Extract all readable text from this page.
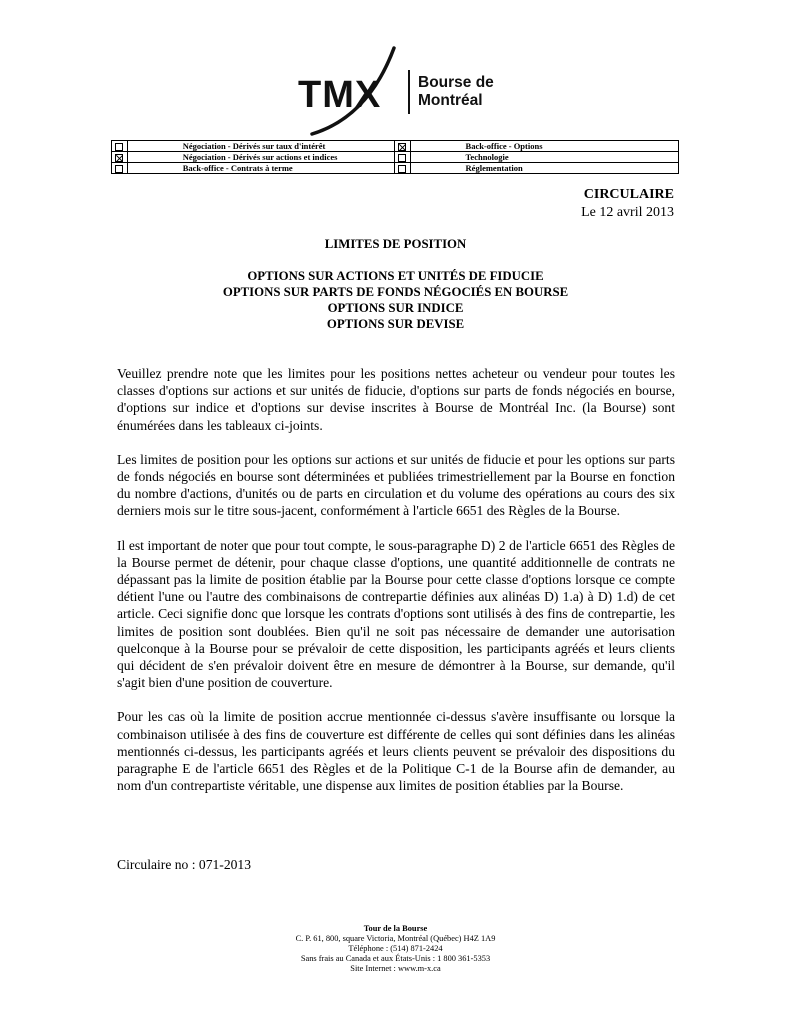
TMX Bourse de
Montréal
	Négociation - Dérivés sur taux d'intérêt		Back-office - Options
	Négociation - Dérivés sur actions et indices		Technologie
	Back-office - Contrats à terme		Réglementation
CIRCULAIRE
Le 12 avril 2013
LIMITES DE POSITION
OPTIONS SUR ACTIONS ET UNITÉS DE FIDUCIE
OPTIONS SUR PARTS DE FONDS NÉGOCIÉS EN BOURSE
OPTIONS SUR INDICE
OPTIONS SUR DEVISE

Veuillez prendre note que les limites pour les positions nettes acheteur ou vendeur pour toutes les classes d'options sur actions et sur unités de fiducie, d'options sur parts de fonds négociés en bourse, d'options sur indice et d'options sur devise inscrites à Bourse de Montréal Inc. (la Bourse) sont énumérées dans les tableaux ci-joints.

Les limites de position pour les options sur actions et sur unités de fiducie et pour les options sur parts de fonds négociés en bourse sont déterminées et publiées trimestriellement par la Bourse en fonction du nombre d'actions, d'unités ou de parts en circulation et du volume des opérations au cours des six derniers mois sur le titre sous-jacent, conformément à l'article 6651 des Règles de la Bourse.

Il est important de noter que pour tout compte, le sous-paragraphe D) 2 de l'article 6651 des Règles de la Bourse permet de détenir, pour chaque classe d'options, une quantité additionnelle de contrats ne dépassant pas la limite de position établie par la Bourse pour cette classe d'options lorsque ce compte détient l'une ou l'autre des combinaisons de contrepartie définies aux alinéas D) 1.a) à D) 1.d) de cet article. Ceci signifie donc que lorsque les contrats d'options sont utilisés à des fins de contrepartie, les limites de position sont doublées. Bien qu'il ne soit pas nécessaire de demander une autorisation quelconque à la Bourse pour se prévaloir de cette disposition, les participants agréés et leurs clients qui décident de s'en prévaloir doivent être en mesure de démontrer à la Bourse, sur demande, qu'il s'agit bien d'une position de couverture.

Pour les cas où la limite de position accrue mentionnée ci-dessus s'avère insuffisante ou lorsque la combinaison utilisée à des fins de couverture est différente de celles qui sont définies dans les alinéas mentionnés ci-dessus, les participants agréés et leurs clients peuvent se prévaloir des dispositions du paragraphe E de l'article 6651 des Règles et de la Politique C-1 de la Bourse afin de demander, au nom d'un contrepartiste véritable, une dispense aux limites de position établies par la Bourse.

Circulaire no : 071-2013
Tour de la Bourse
C. P. 61, 800, square Victoria, Montréal (Québec) H4Z 1A9
Téléphone : (514) 871-2424
Sans frais au Canada et aux États-Unis : 1 800 361-5353
Site Internet : www.m-x.ca
